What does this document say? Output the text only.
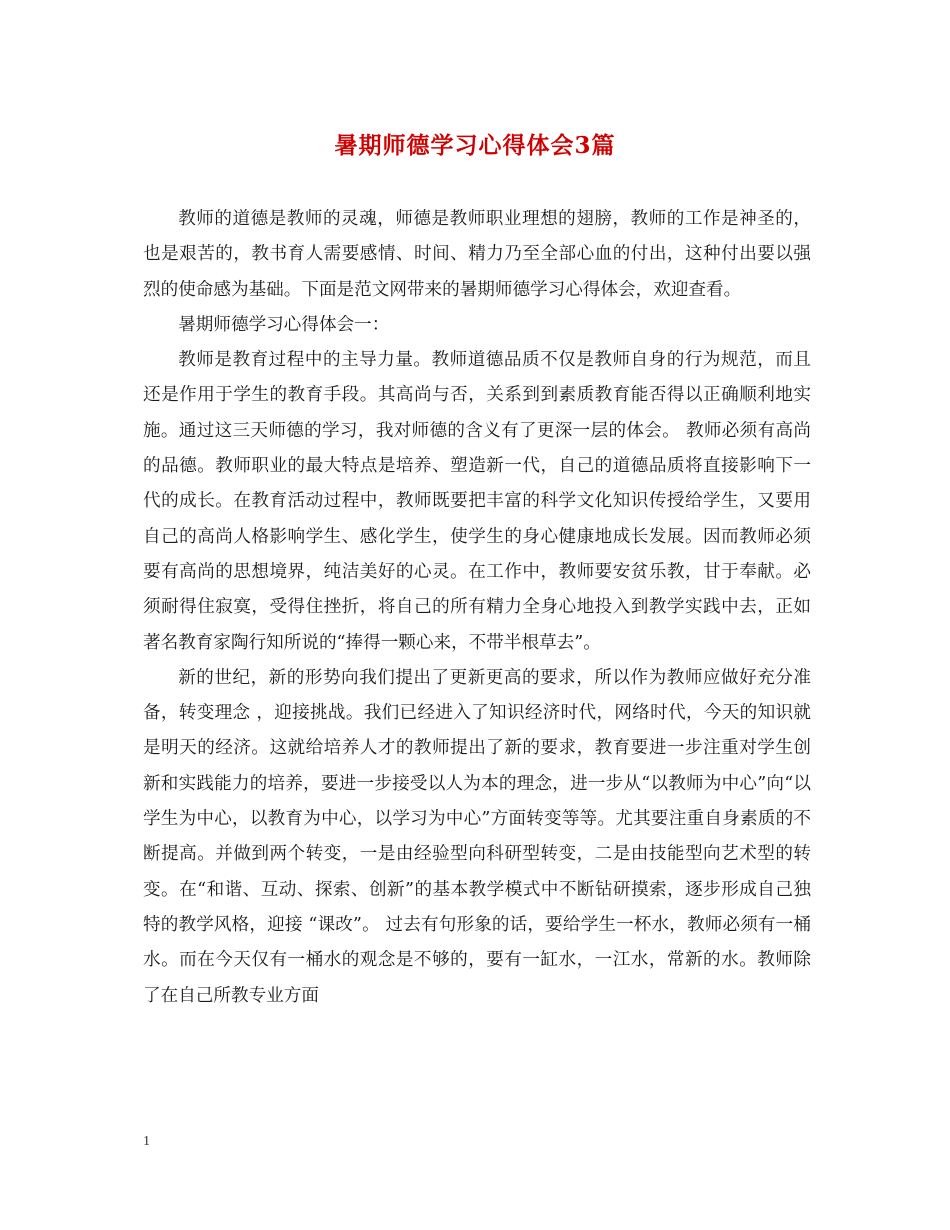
暑期师德学习心得体会3篇

教师的道德是教师的灵魂，师德是教师职业理想的翅膀，教师的工作是神圣的，也是艰苦的，教书育人需要感情、时间、精力乃至全部心血的付出，这种付出要以强烈的使命感为基础。下面是范文网带来的暑期师德学习心得体会，欢迎查看。

暑期师德学习心得体会一：

教师是教育过程中的主导力量。教师道德品质不仅是教师自身的行为规范，而且还是作用于学生的教育手段。其高尚与否，关系到到素质教育能否得以正确顺利地实施。通过这三天师德的学习，我对师德的含义有了更深一层的体会。 教师必须有高尚的品德。教师职业的最大特点是培养、塑造新一代，自己的道德品质将直接影响下一代的成长。在教育活动过程中，教师既要把丰富的科学文化知识传授给学生，又要用自己的高尚人格影响学生、感化学生，使学生的身心健康地成长发展。因而教师必须要有高尚的思想境界，纯洁美好的心灵。在工作中，教师要安贫乐教，甘于奉献。必须耐得住寂寞，受得住挫折，将自己的所有精力全身心地投入到教学实践中去，正如著名教育家陶行知所说的“捧得一颗心来，不带半根草去”。

新的世纪，新的形势向我们提出了更新更高的要求，所以作为教师应做好充分准备，转变理念 ，迎接挑战。我们已经进入了知识经济时代，网络时代，今天的知识就是明天的经济。这就给培养人才的教师提出了新的要求，教育要进一步注重对学生创新和实践能力的培养，要进一步接受以人为本的理念，进一步从“以教师为中心”向“以学生为中心，以教育为中心，以学习为中心”方面转变等等。尤其要注重自身素质的不断提高。并做到两个转变，一是由经验型向科研型转变，二是由技能型向艺术型的转变。在“和谐、互动、探索、创新”的基本教学模式中不断钻研摸索，逐步形成自己独特的教学风格，迎接 “课改”。 过去有句形象的话，要给学生一杯水，教师必须有一桶水。而在今天仅有一桶水的观念是不够的，要有一缸水，一江水，常新的水。教师除了在自己所教专业方面

1
